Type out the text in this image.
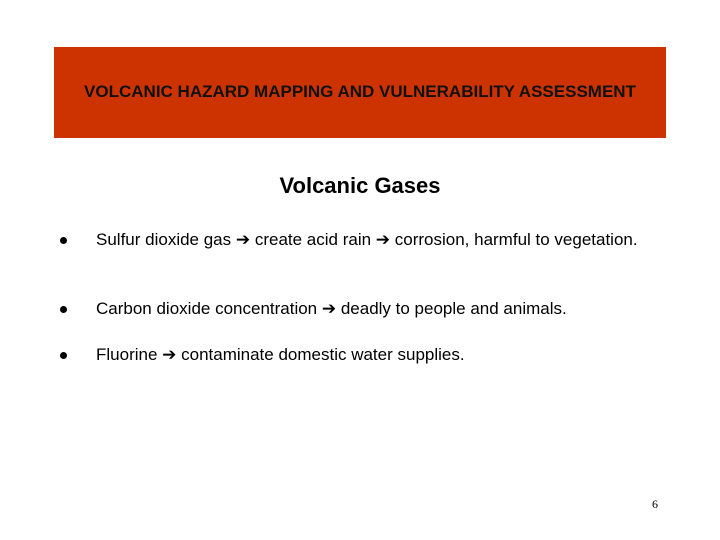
VOLCANIC HAZARD MAPPING AND VULNERABILITY ASSESSMENT
Volcanic Gases
Sulfur dioxide gas ➔ create acid rain ➔ corrosion, harmful to vegetation.
Carbon dioxide concentration ➔ deadly to people and animals.
Fluorine ➔ contaminate domestic water supplies.
6
